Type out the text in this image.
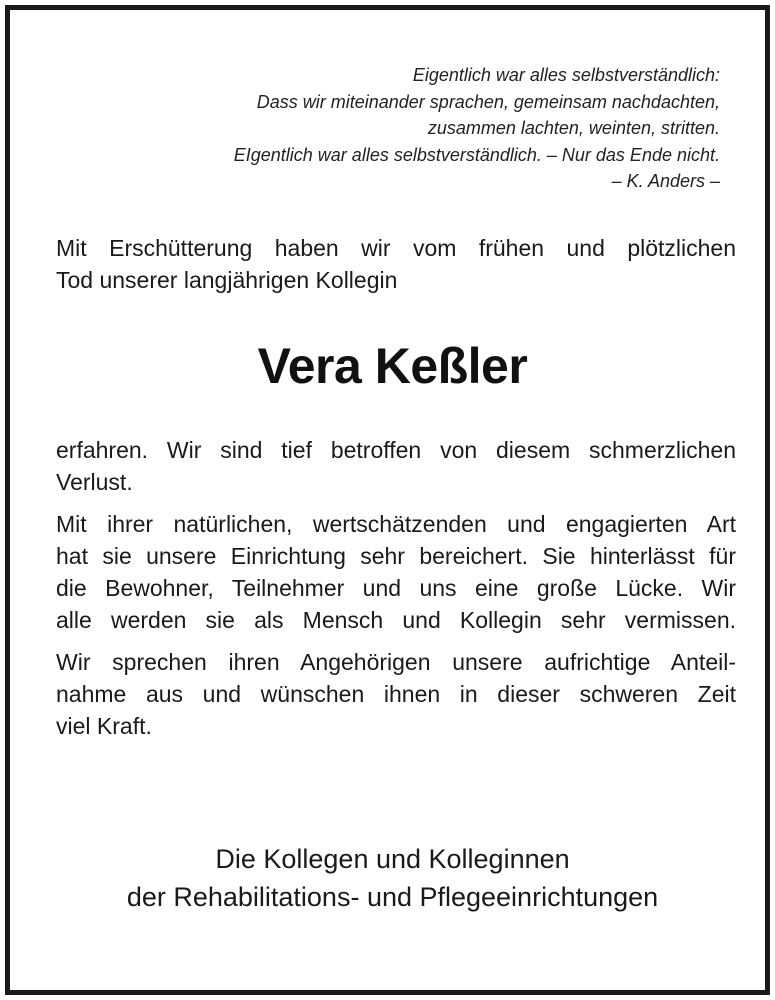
Eigentlich war alles selbstverständlich:
Dass wir miteinander sprachen, gemeinsam nachdachten,
zusammen lachten, weinten, stritten.
EIgentlich war alles selbstverständlich. – Nur das Ende nicht.
– K. Anders –
Mit Erschütterung haben wir vom frühen und plötzlichen
Tod unserer langjährigen Kollegin
Vera Keßler
erfahren. Wir sind tief betroffen von diesem schmerzlichen
Verlust.
Mit ihrer natürlichen, wertschätzenden und engagierten Art
hat sie unsere Einrichtung sehr bereichert. Sie hinterlässt für
die Bewohner, Teilnehmer und uns eine große Lücke. Wir
alle werden sie als Mensch und Kollegin sehr vermissen.
Wir sprechen ihren Angehörigen unsere aufrichtige Anteil-
nahme aus und wünschen ihnen in dieser schweren Zeit
viel Kraft.
Die Kollegen und Kolleginnen
der Rehabilitations- und Pflegeeinrichtungen
